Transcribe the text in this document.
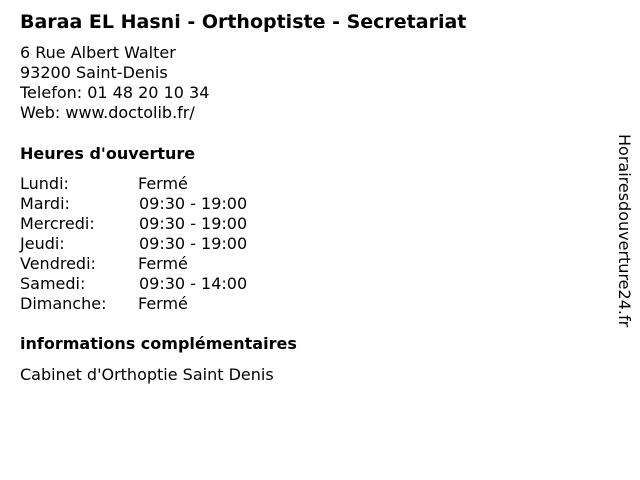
Baraa EL Hasni - Orthoptiste - Secretariat
6 Rue Albert Walter
93200 Saint-Denis
Telefon: 01 48 20 10 34
Web: www.doctolib.fr/
Heures d'ouverture
Lundi:	Fermé
Mardi:	09:30 - 19:00
Mercredi:	09:30 - 19:00
Jeudi:	09:30 - 19:00
Vendredi:	Fermé
Samedi:	09:30 - 14:00
Dimanche: Fermé
informations complémentaires
Cabinet d'Orthoptie Saint Denis
Horairesdouverture24.fr
